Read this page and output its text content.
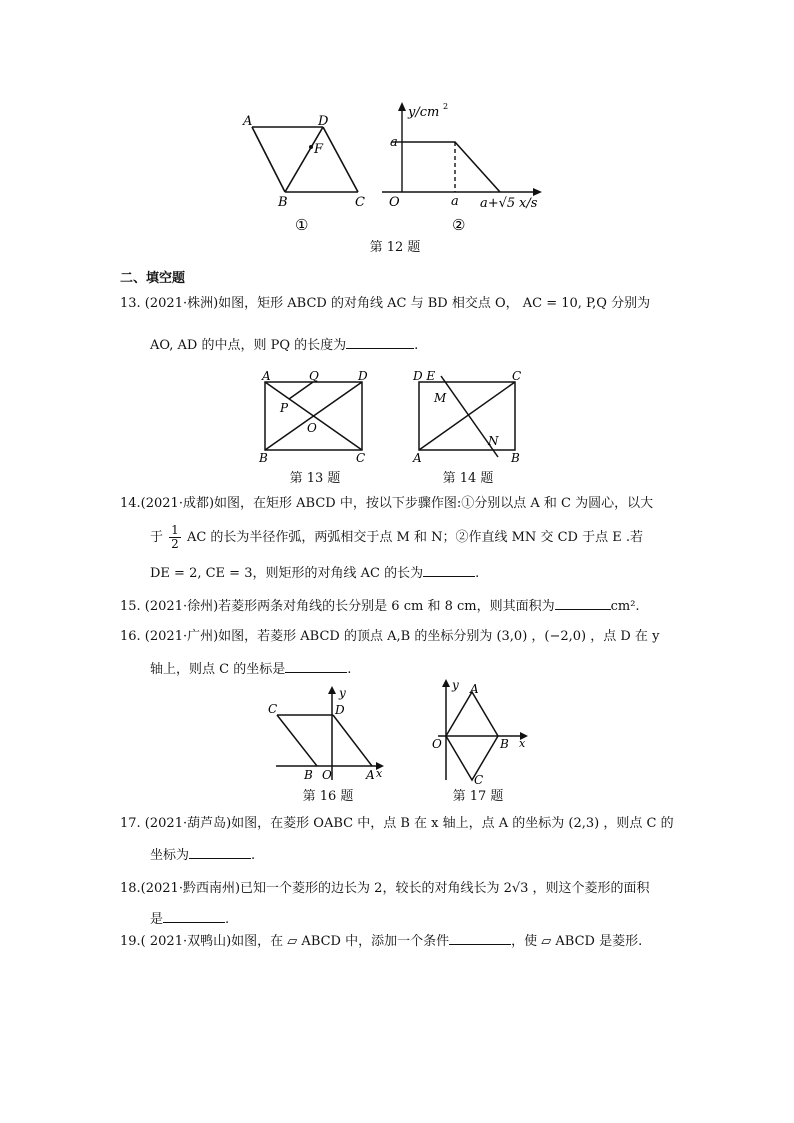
A	D
F
B	C
y/cm 2
a
O	a a+√5 x/s
①	②
第 12 题
二、填空题
13. (2021·株洲)如图，矩形 ABCD 的对角线 AC 与 BD 相交点 O， AC = 10, P,Q 分别为
AO, AD 的中点，则 PQ 的长度为	.
A	Q	D
P
O
B	C
第 13 题
D E	C
M
N
A	B
第 14 题
14.(2021·成都)如图，在矩形 ABCD 中，按以下步骤作图:①分别以点 A 和 C 为圆心，以大
于 $\frac{1}{2}$ AC 的长为半径作弧，两弧相交于点 M 和 N；②作直线 MN 交 CD 于点 E .若
DE = 2, CE = 3，则矩形的对角线 AC 的长为	.
15. (2021·徐州)若菱形两条对角线的长分别是 6 cm 和 8 cm，则其面积为	cm².
16. (2021·广州)如图，若菱形 ABCD 的顶点 A,B 的坐标分别为 (3,0) ，(−2,0) ，点 D 在 y
轴上，则点 C 的坐标是	.
y
C	D
B O	A x
第 16 题
y A
O	B x
C
第 17 题
17. (2021·葫芦岛)如图，在菱形 OABC 中，点 B 在 x 轴上，点 A 的坐标为 (2,3) ，则点 C 的
坐标为	.
18.(2021·黔西南州)已知一个菱形的边长为 2，较长的对角线长为 2√3 ，则这个菱形的面积
是	.
19.( 2021·双鸭山)如图，在 ▱ ABCD 中，添加一个条件	，使 ▱ ABCD 是菱形.
